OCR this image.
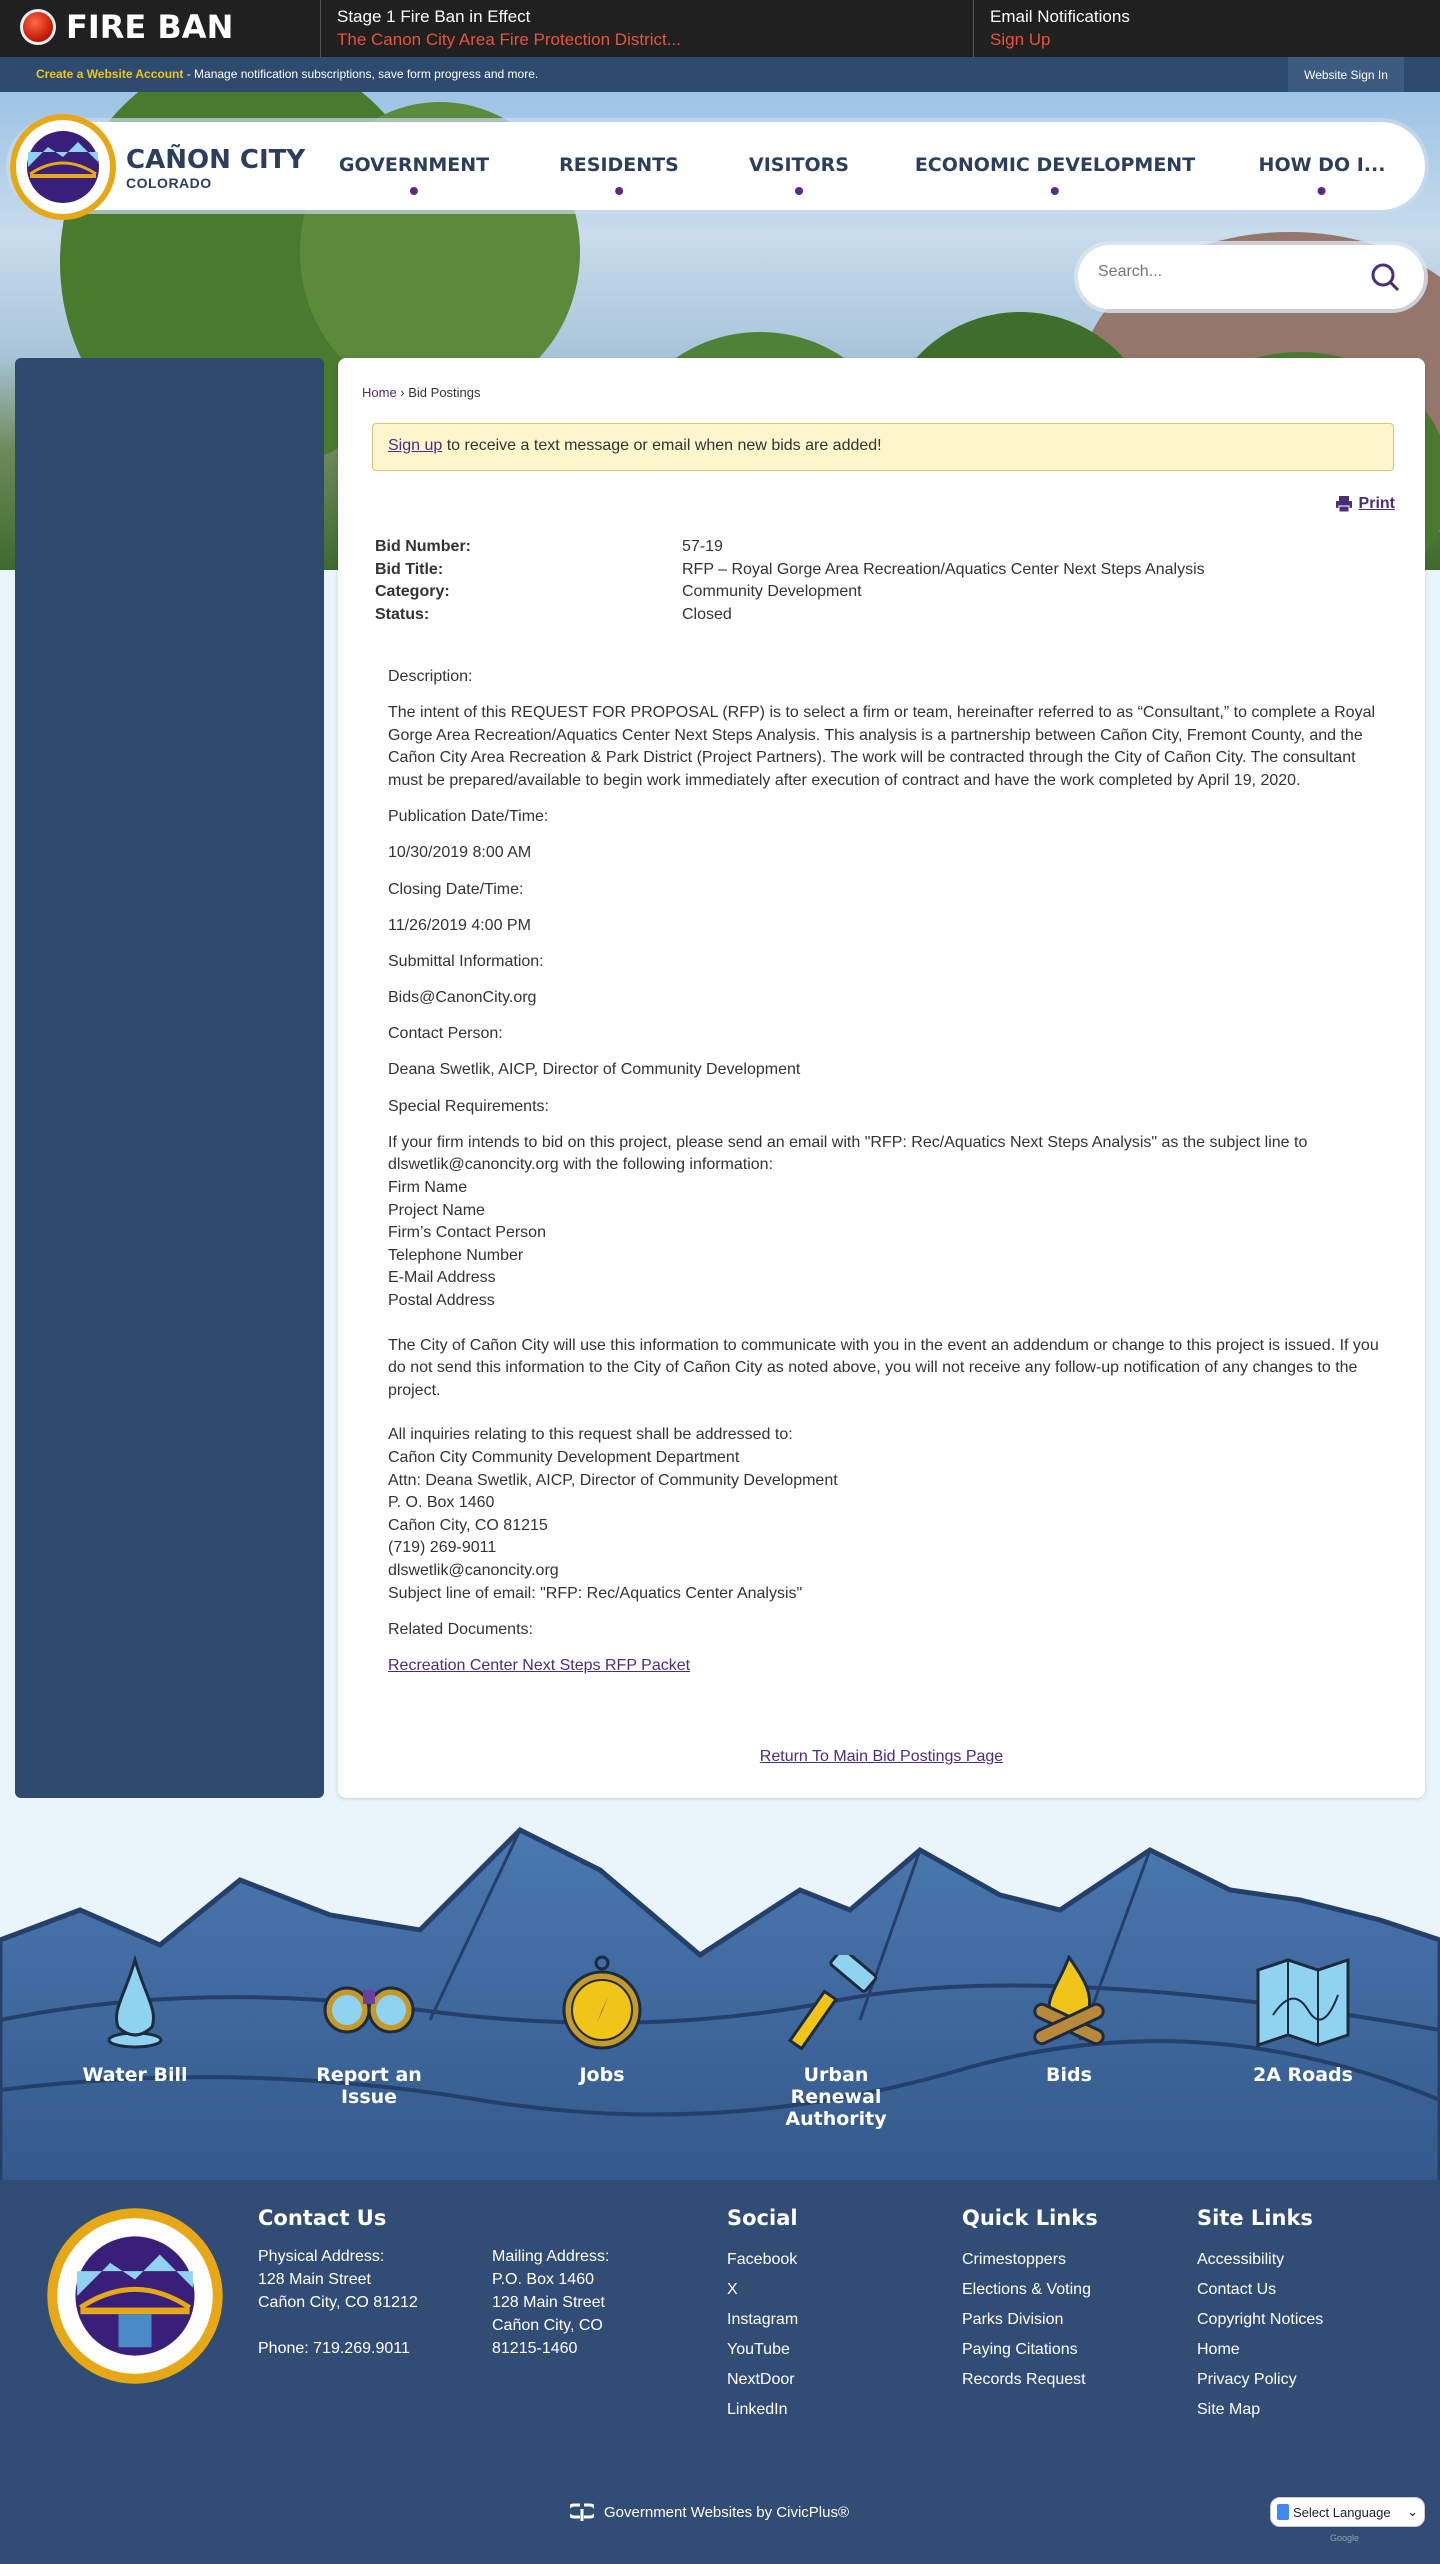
FIRE BAN	Stage 1 Fire Ban in Effect
The Canon City Area Fire Protection District...
Email Notifications
Sign Up
Create a Website Account - Manage notification subscriptions, save form progress and more.	Website Sign In
CAÑON CITY
COLORADO
GOVERNMENT	RESIDENTS	VISITORS	ECONOMIC DEVELOPMENT	HOW DO I...
Search...
Home › Bid Postings
Sign up to receive a text message or email when new bids are added!
Print
Bid Number:	57-19
Bid Title:	RFP – Royal Gorge Area Recreation/Aquatics Center Next Steps Analysis
Category:	Community Development
Status:	Closed

Description:

The intent of this REQUEST FOR PROPOSAL (RFP) is to select a firm or team, hereinafter referred to as “Consultant,” to complete a Royal Gorge Area Recreation/Aquatics Center Next Steps Analysis. This analysis is a partnership between Cañon City, Fremont County, and the Cañon City Area Recreation & Park District (Project Partners). The work will be contracted through the City of Cañon City. The consultant must be prepared/available to begin work immediately after execution of contract and have the work completed by April 19, 2020.

Publication Date/Time:

10/30/2019 8:00 AM

Closing Date/Time:

11/26/2019 4:00 PM

Submittal Information:

Bids@CanonCity.org

Contact Person:

Deana Swetlik, AICP, Director of Community Development

Special Requirements:

If your firm intends to bid on this project, please send an email with "RFP: Rec/Aquatics Next Steps Analysis" as the subject line to dlswetlik@canoncity.org with the following information:
Firm Name
Project Name
Firm’s Contact Person
Telephone Number
E-Mail Address
Postal Address
The City of Cañon City will use this information to communicate with you in the event an addendum or change to this project is issued. If you do not send this information to the City of Cañon City as noted above, you will not receive any follow-up notification of any changes to the project.
All inquiries relating to this request shall be addressed to:
Cañon City Community Development Department
Attn: Deana Swetlik, AICP, Director of Community Development
P. O. Box 1460
Cañon City, CO 81215
(719) 269-9011
dlswetlik@canoncity.org

Subject line of email: "RFP: Rec/Aquatics Center Analysis"

Related Documents:

Recreation Center Next Steps RFP Packet

Return To Main Bid Postings Page
Water Bill	Report an Issue
Jobs	Urban Renewal Authority
Bids	2A Roads
Contact Us
Physical Address:
128 Main Street
Cañon City, CO 81212
Phone: 719.269.9011
Mailing Address:
P.O. Box 1460
128 Main Street
Cañon City, CO
81215-1460
Social
Facebook
X
Instagram
YouTube
NextDoor
LinkedIn
Quick Links
Crimestoppers
Elections & Voting
Parks Division
Paying Citations
Records Request
Site Links
Accessibility
Contact Us
Copyright Notices
Home
Privacy Policy
Site Map
Government Websites by CivicPlus®	Select Language ⌄
Google
